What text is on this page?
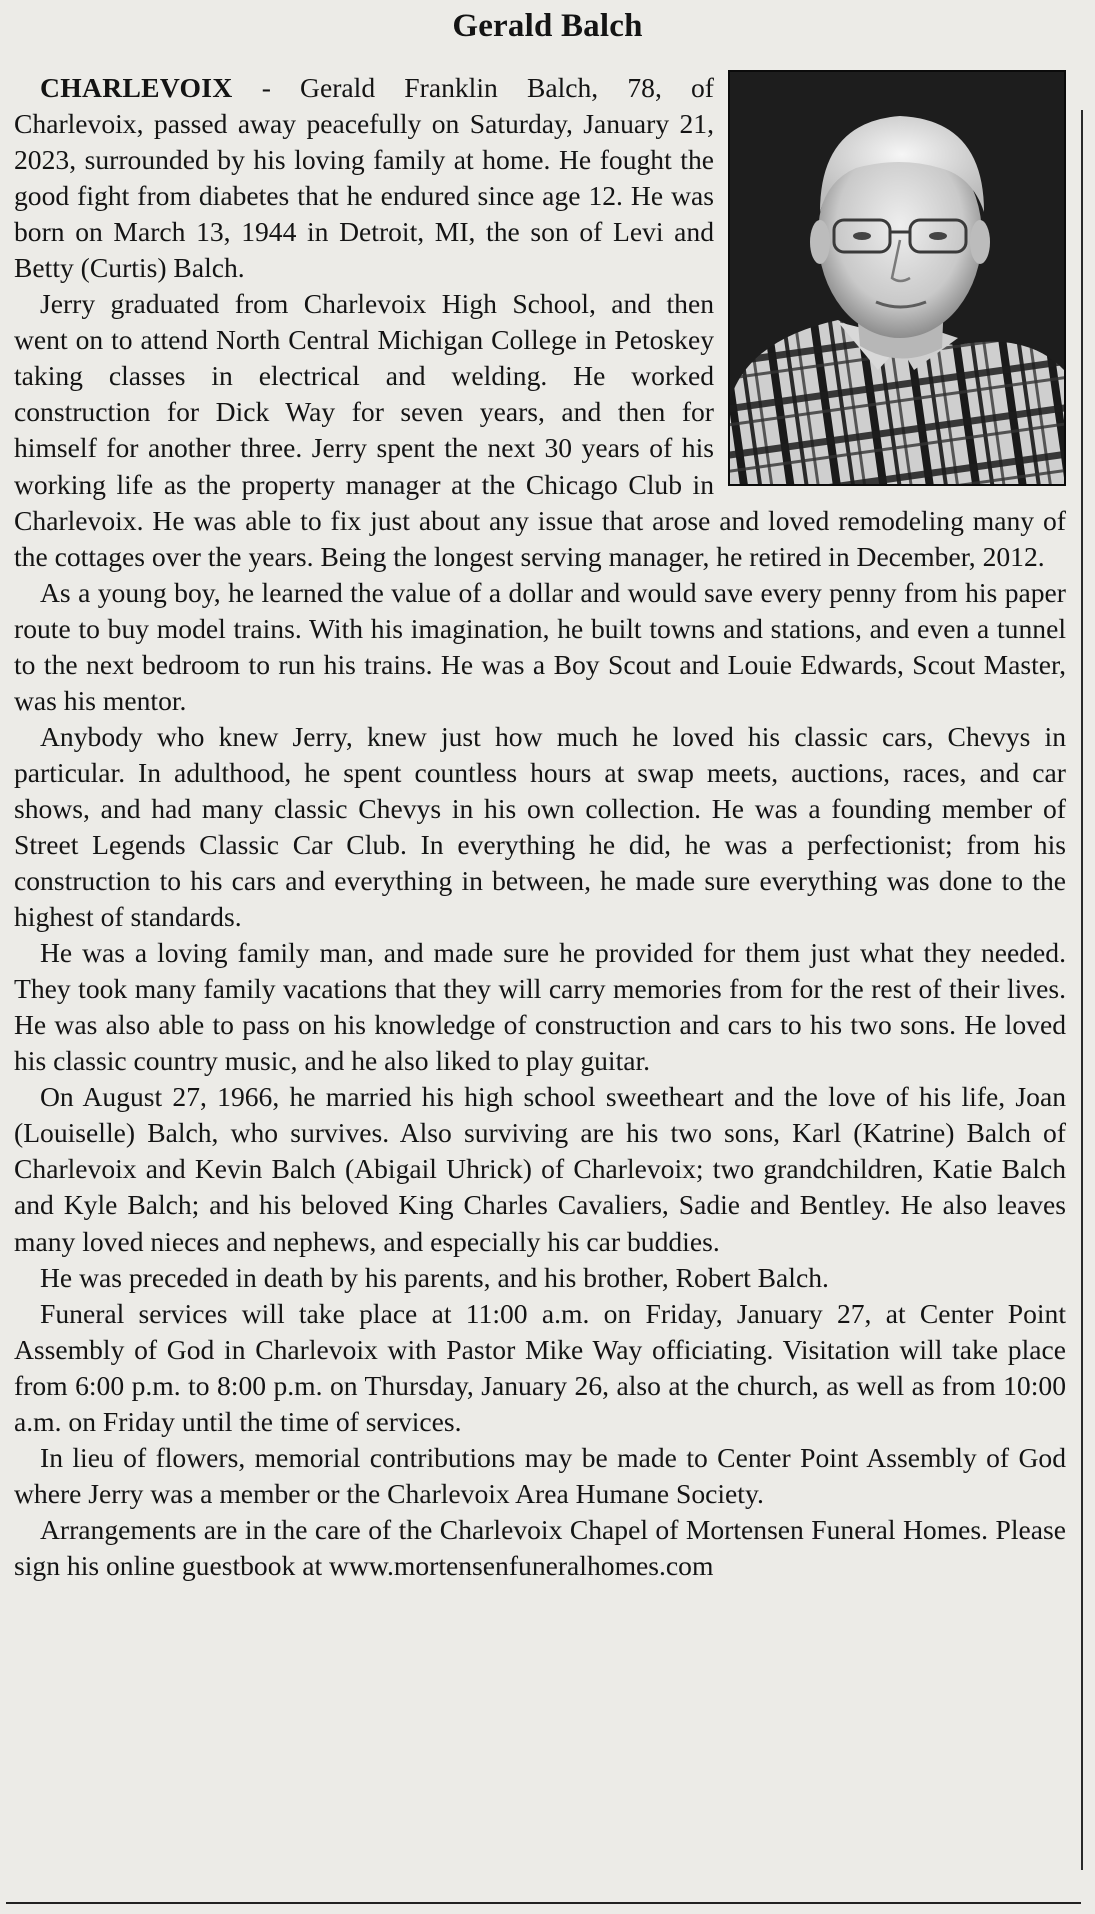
Gerald Balch

CHARLEVOIX - Gerald Franklin Balch, 78, of Charlevoix, passed away peacefully on Saturday, January 21, 2023, surrounded by his loving family at home. He fought the good fight from diabetes that he endured since age 12. He was born on March 13, 1944 in Detroit, MI, the son of Levi and Betty (Curtis) Balch.

Jerry graduated from Charlevoix High School, and then went on to attend North Central Michigan College in Petoskey taking classes in electrical and welding. He worked construction for Dick Way for seven years, and then for himself for another three. Jerry spent the next 30 years of his working life as the property manager at the Chicago Club in Charlevoix. He was able to fix just about any issue that arose and loved remodeling many of the cottages over the years. Being the longest serving manager, he retired in December, 2012.

As a young boy, he learned the value of a dollar and would save every penny from his paper route to buy model trains. With his imagination, he built towns and stations, and even a tunnel to the next bedroom to run his trains. He was a Boy Scout and Louie Edwards, Scout Master, was his mentor.

Anybody who knew Jerry, knew just how much he loved his classic cars, Chevys in particular. In adulthood, he spent countless hours at swap meets, auctions, races, and car shows, and had many classic Chevys in his own collection. He was a founding member of Street Legends Classic Car Club. In everything he did, he was a perfectionist; from his construction to his cars and everything in between, he made sure everything was done to the highest of standards.

He was a loving family man, and made sure he provided for them just what they needed. They took many family vacations that they will carry memories from for the rest of their lives. He was also able to pass on his knowledge of construction and cars to his two sons. He loved his classic country music, and he also liked to play guitar.

On August 27, 1966, he married his high school sweetheart and the love of his life, Joan (Louiselle) Balch, who survives. Also surviving are his two sons, Karl (Katrine) Balch of Charlevoix and Kevin Balch (Abigail Uhrick) of Charlevoix; two grandchildren, Katie Balch and Kyle Balch; and his beloved King Charles Cavaliers, Sadie and Bentley. He also leaves many loved nieces and nephews, and especially his car buddies.

He was preceded in death by his parents, and his brother, Robert Balch.

Funeral services will take place at 11:00 a.m. on Friday, January 27, at Center Point Assembly of God in Charlevoix with Pastor Mike Way officiating. Visitation will take place from 6:00 p.m. to 8:00 p.m. on Thursday, January 26, also at the church, as well as from 10:00 a.m. on Friday until the time of services.

In lieu of flowers, memorial contributions may be made to Center Point Assembly of God where Jerry was a member or the Charlevoix Area Humane Society.

Arrangements are in the care of the Charlevoix Chapel of Mortensen Funeral Homes. Please sign his online guestbook at www.mortensenfuneralhomes.com
